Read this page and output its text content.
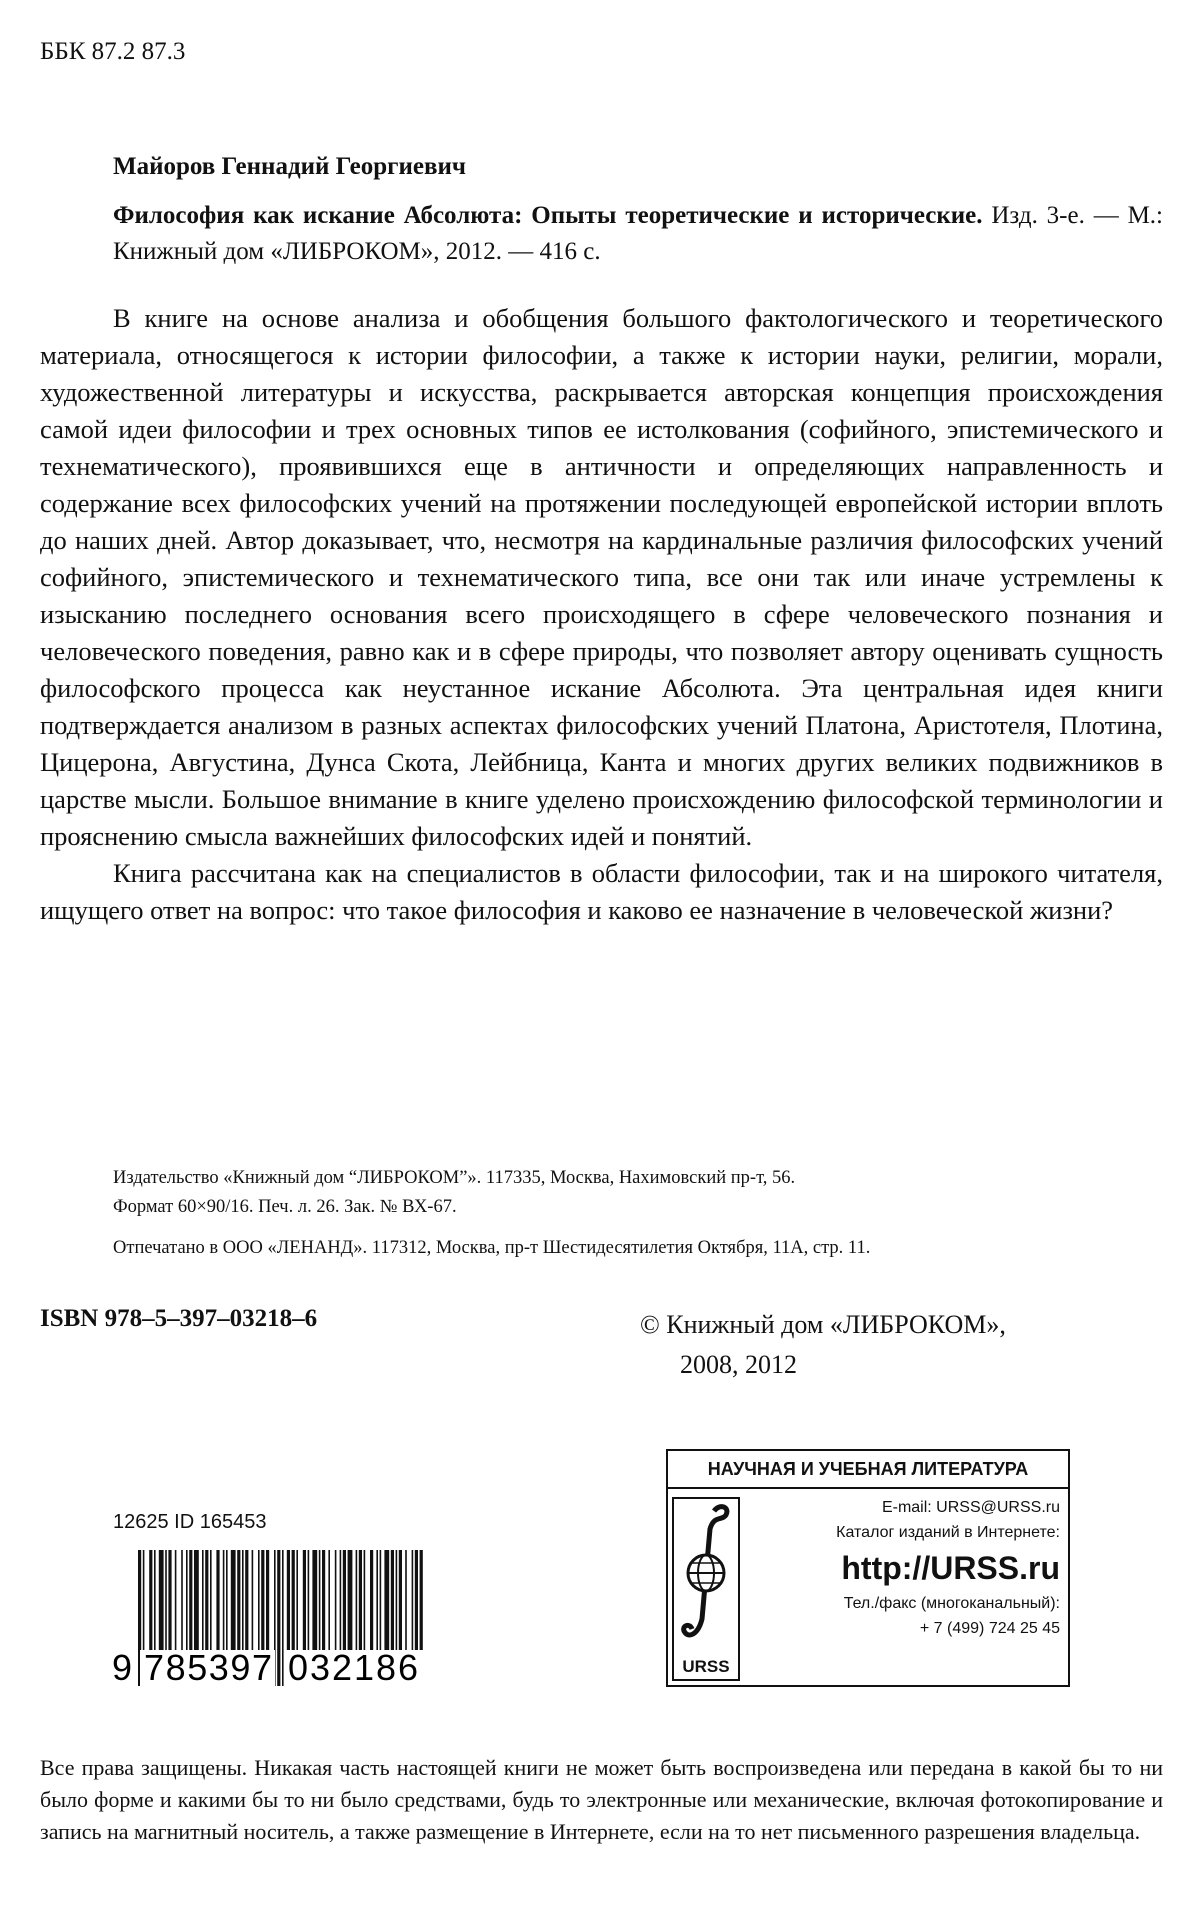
ББК 87.2 87.3
Майоров Геннадий Георгиевич
Философия как искание Абсолюта: Опыты теоретические и исторические. Изд. 3-е. — М.: Книжный дом «ЛИБРОКОМ», 2012. — 416 с.

В книге на основе анализа и обобщения большого фактологического и теоретического материала, относящегося к истории философии, а также к истории науки, религии, морали, художественной литературы и искусства, раскрывается авторская концепция происхождения самой идеи философии и трех основных типов ее истолкования (софийного, эпистемического и технематического), проявившихся еще в античности и определяющих направленность и содержание всех философских учений на протяжении последующей европейской истории вплоть до наших дней. Автор доказывает, что, несмотря на кардинальные различия философских учений софийного, эпистемического и технематического типа, все они так или иначе устремлены к изысканию последнего основания всего происходящего в сфере человеческого познания и человеческого поведения, равно как и в сфере природы, что позволяет автору оценивать сущность философского процесса как неустанное искание Абсолюта. Эта центральная идея книги подтверждается анализом в разных аспектах философских учений Платона, Аристотеля, Плотина, Цицерона, Августина, Дунса Скота, Лейбница, Канта и многих других великих подвижников в царстве мысли. Большое внимание в книге уделено происхождению философской терминологии и прояснению смысла важнейших философских идей и понятий.

Книга рассчитана как на специалистов в области философии, так и на широкого читателя, ищущего ответ на вопрос: что такое философия и каково ее назначение в человеческой жизни?

Издательство «Книжный дом “ЛИБРОКОМ”». 117335, Москва, Нахимовский пр-т, 56.
Формат 60×90/16. Печ. л. 26. Зак. № ВХ-67.
Отпечатано в ООО «ЛЕНАНД». 117312, Москва, пр-т Шестидесятилетия Октября, 11А, стр. 11.
ISBN 978–5–397–03218–6	© Книжный дом «ЛИБРОКОМ»,
2008, 2012
НАУЧНАЯ И УЧЕБНАЯ ЛИТЕРАТУРА
URSS
E-mail: URSS@URSS.ru
Каталог изданий в Интернете:
http://URSS.ru
Тел./факс (многоканальный):
+ 7 (499) 724 25 45
12625 ID 165453
9 785397 032186
Все права защищены. Никакая часть настоящей книги не может быть воспроизведена или передана в какой бы то ни было форме и какими бы то ни было средствами, будь то электронные или механические, включая фотокопирование и запись на магнитный носитель, а также размещение в Интернете, если на то нет письменного разрешения владельца.
